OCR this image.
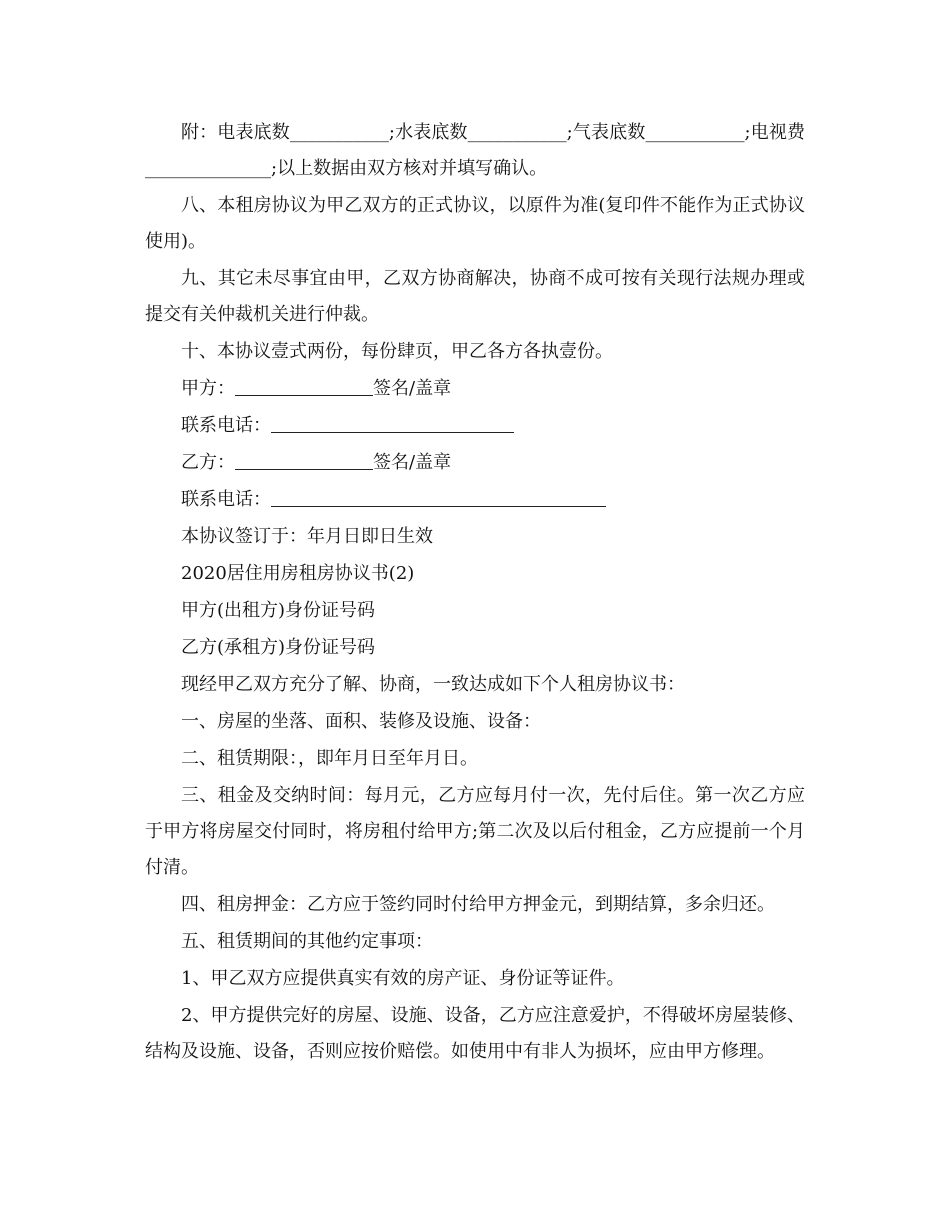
附：电表底数___________;水表底数___________;气表底数___________;电视费______________;以上数据由双方核对并填写确认。

八、本租房协议为甲乙双方的正式协议，以原件为准(复印件不能作为正式协议使用)。

九、其它未尽事宜由甲，乙双方协商解决，协商不成可按有关现行法规办理或提交有关仲裁机关进行仲裁。

十、本协议壹式两份，每份肆页，甲乙各方各执壹份。

甲方：	签名/盖章
联系电话：
乙方：	签名/盖章
联系电话：

本协议签订于：年月日即日生效

2020居住用房租房协议书(2)

甲方(出租方)身份证号码

乙方(承租方)身份证号码

现经甲乙双方充分了解、协商，一致达成如下个人租房协议书：

一、房屋的坐落、面积、装修及设施、设备：

二、租赁期限：，即年月日至年月日。

三、租金及交纳时间：每月元，乙方应每月付一次，先付后住。第一次乙方应于甲方将房屋交付同时，将房租付给甲方;第二次及以后付租金，乙方应提前一个月付清。

四、租房押金：乙方应于签约同时付给甲方押金元，到期结算，多余归还。

五、租赁期间的其他约定事项：

1、甲乙双方应提供真实有效的房产证、身份证等证件。

2、甲方提供完好的房屋、设施、设备，乙方应注意爱护，不得破坏房屋装修、结构及设施、设备，否则应按价赔偿。如使用中有非人为损坏，应由甲方修理。
